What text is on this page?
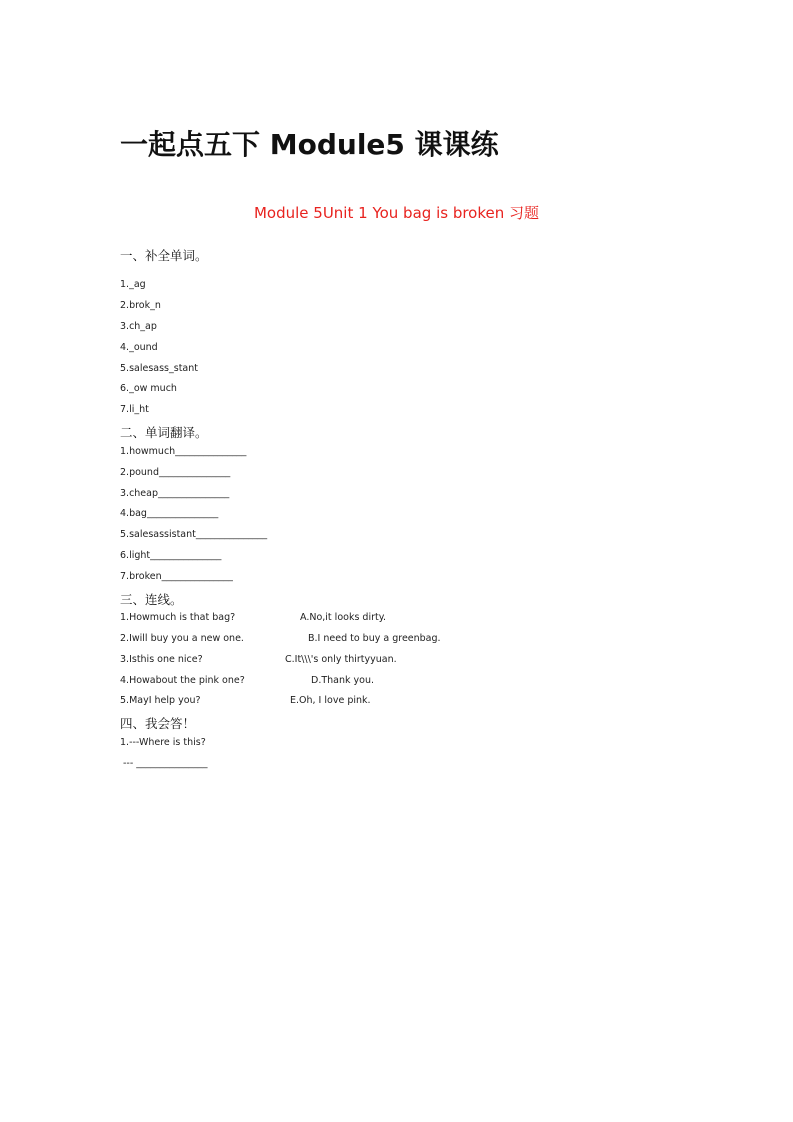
一起点五下 Module5 课课练
Module 5Unit 1 You bag is broken 习题
一、补全单词。
1._ag
2.brok_n
3.ch_ap
4._ound
5.salesass_stant
6._ow much
7.li_ht
二、单词翻译。
1.howmuch_______________
2.pound_______________
3.cheap_______________
4.bag_______________
5.salesassistant_______________
6.light_______________
7.broken_______________
三、连线。
1.Howmuch is that bag?
2.Iwill buy you a new one.
3.Isthis one nice?
4.Howabout the pink one?
5.MayI help you?
A.No,it looks dirty.
B.I need to buy a greenbag.
C.It\\\'s only thirtyyuan.
D.Thank you.
E.Oh, I love pink.
四、我会答！
1.---Where is this?
--- _______________
